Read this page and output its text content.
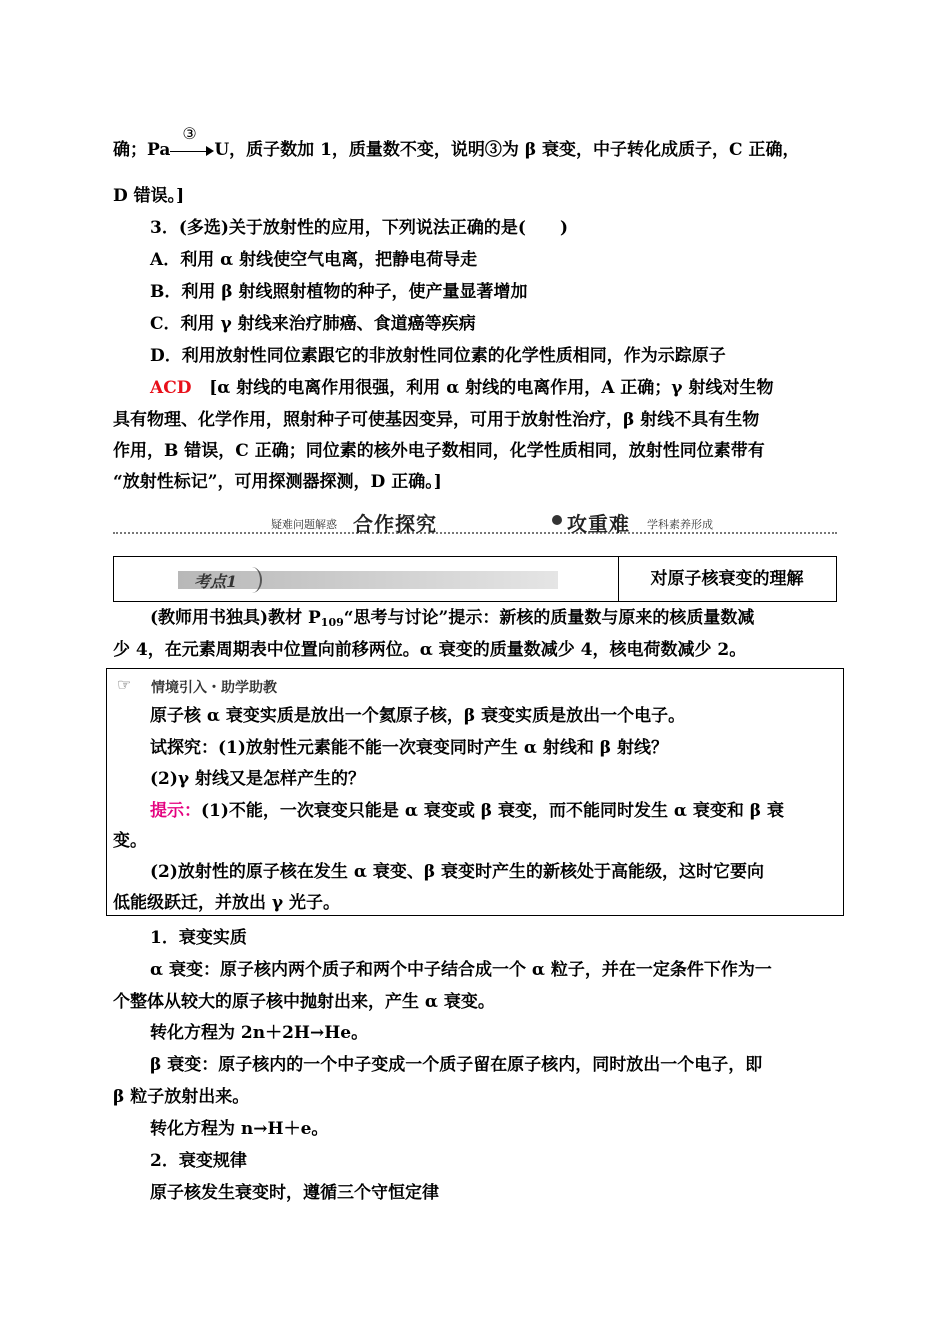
确；Pa
③
U，质子数加 1，质量数不变，说明③为 β 衰变，中子转化成质子，C 正确，
D 错误。]
3．(多选)关于放射性的应用，下列说法正确的是(　　)
A．利用 α 射线使空气电离，把静电荷导走
B．利用 β 射线照射植物的种子，使产量显著增加
C．利用 γ 射线来治疗肺癌、食道癌等疾病
D．利用放射性同位素跟它的非放射性同位素的化学性质相同，作为示踪原子
ACD [α 射线的电离作用很强，利用 α 射线的电离作用，A 正确；γ 射线对生物
具有物理、化学作用，照射种子可使基因变异，可用于放射性治疗，β 射线不具有生物
作用，B 错误，C 正确；同位素的核外电子数相同，化学性质相同，放射性同位素带有
“放射性标记”，可用探测器探测，D 正确。]
疑难问题解惑 合作探究	攻重难 学科素养形成
考点1	对原子核衰变的理解
(教师用书独具)教材 $P_{109}“$思考与讨论”提示：新核的质量数与原来的核质量数减
少 4，在元素周期表中位置向前移两位。α 衰变的质量数减少 4，核电荷数减少 2。
☞ 情境引入・助学助教
原子核 α 衰变实质是放出一个氦原子核，β 衰变实质是放出一个电子。
试探究：(1)放射性元素能不能一次衰变同时产生 α 射线和 β 射线？
(2)γ 射线又是怎样产生的？
提示：(1)不能，一次衰变只能是 α 衰变或 β 衰变，而不能同时发生 α 衰变和 β 衰
变。
(2)放射性的原子核在发生 α 衰变、β 衰变时产生的新核处于高能级，这时它要向
低能级跃迁，并放出 γ 光子。
1．衰变实质
α 衰变：原子核内两个质子和两个中子结合成一个 α 粒子，并在一定条件下作为一
个整体从较大的原子核中抛射出来，产生 α 衰变。
转化方程为 2n＋2H→He。
β 衰变：原子核内的一个中子变成一个质子留在原子核内，同时放出一个电子，即
β 粒子放射出来。
转化方程为 n→H＋e。
2．衰变规律
原子核发生衰变时，遵循三个守恒定律
